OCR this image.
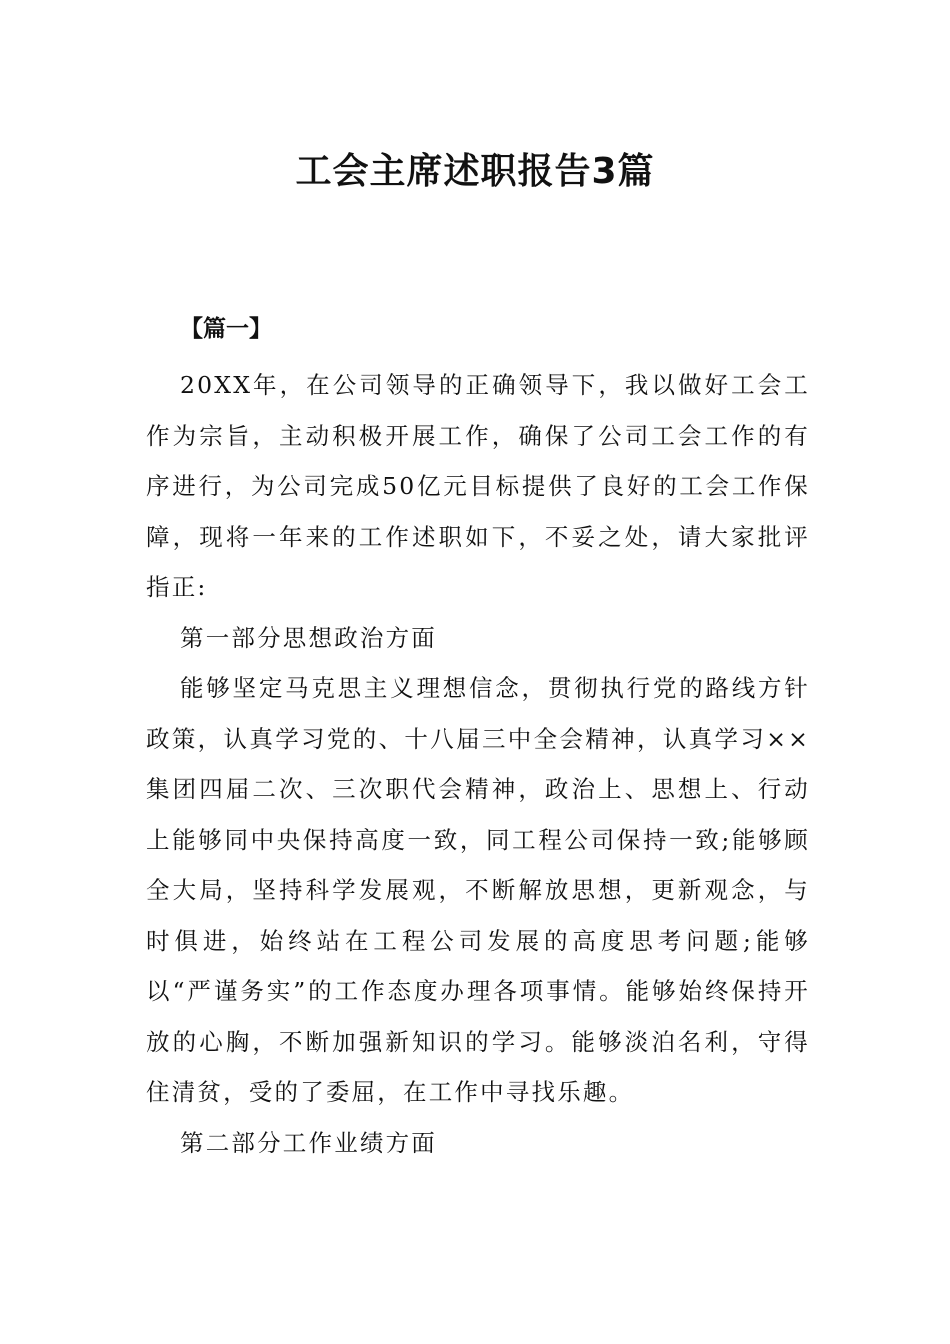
工会主席述职报告3篇
【篇一】

20XX年，在公司领导的正确领导下，我以做好工会工作为宗旨，主动积极开展工作，确保了公司工会工作的有序进行，为公司完成50亿元目标提供了良好的工会工作保障，现将一年来的工作述职如下，不妥之处，请大家批评指正:

第一部分思想政治方面

能够坚定马克思主义理想信念，贯彻执行党的路线方针政策，认真学习党的、十八届三中全会精神，认真学习××集团四届二次、三次职代会精神，政治上、思想上、行动上能够同中央保持高度一致，同工程公司保持一致;能够顾全大局，坚持科学发展观，不断解放思想，更新观念，与时俱进，始终站在工程公司发展的高度思考问题;能够以“严谨务实”的工作态度办理各项事情。能够始终保持开放的心胸，不断加强新知识的学习。能够淡泊名利，守得住清贫，受的了委屈，在工作中寻找乐趣。

第二部分工作业绩方面
